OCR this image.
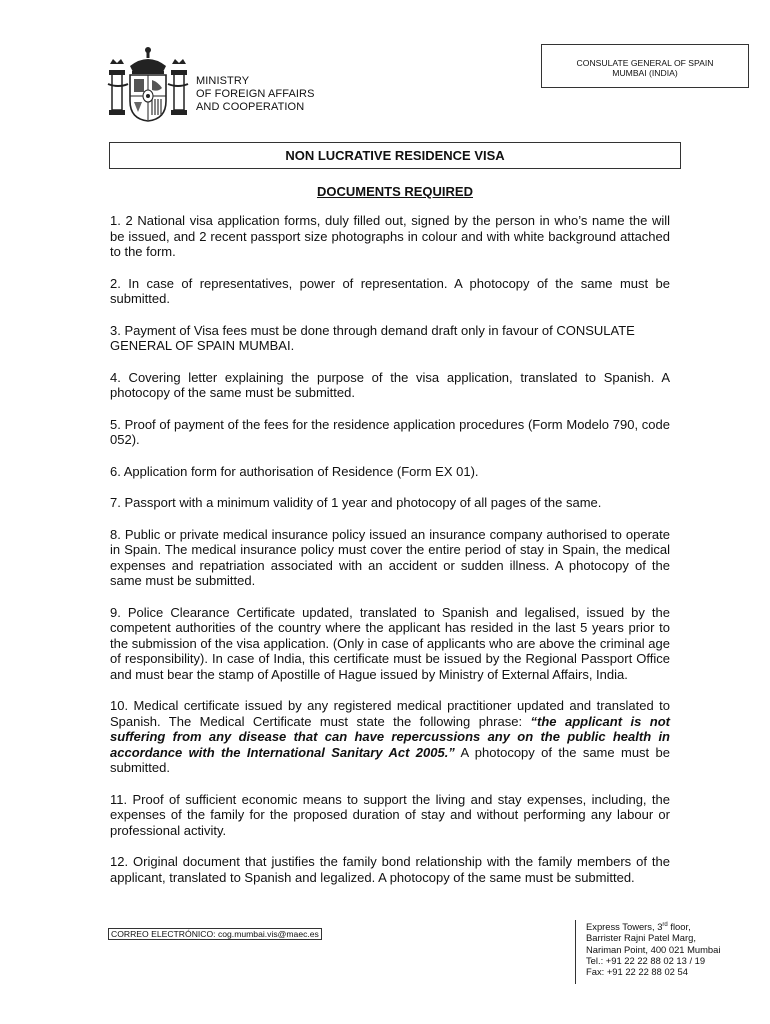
CONSULATE GENERAL OF SPAIN
MUMBAI (INDIA)
MINISTRY
OF FOREIGN AFFAIRS
AND COOPERATION
NON LUCRATIVE RESIDENCE VISA
DOCUMENTS REQUIRED

1. 2 National visa application forms, duly filled out, signed by the person in who’s name the will be issued, and 2 recent passport size photographs in colour and with white background attached to the form.

2. In case of representatives, power of representation. A photocopy of the same must be submitted.

3. Payment of Visa fees must be done through demand draft only in favour of CONSULATE GENERAL OF SPAIN MUMBAI.

4. Covering letter explaining the purpose of the visa application, translated to Spanish. A photocopy of the same must be submitted.

5. Proof of payment of the fees for the residence application procedures (Form Modelo 790, code 052).

6. Application form for authorisation of Residence (Form EX 01).

7. Passport with a minimum validity of 1 year and photocopy of all pages of the same.

8. Public or private medical insurance policy issued an insurance company authorised to operate in Spain. The medical insurance policy must cover the entire period of stay in Spain, the medical expenses and repatriation associated with an accident or sudden illness. A photocopy of the same must be submitted.

9. Police Clearance Certificate updated, translated to Spanish and legalised, issued by the competent authorities of the country where the applicant has resided in the last 5 years prior to the submission of the visa application. (Only in case of applicants who are above the criminal age of responsibility). In case of India, this certificate must be issued by the Regional Passport Office and must bear the stamp of Apostille of Hague issued by Ministry of External Affairs, India.

10. Medical certificate issued by any registered medical practitioner updated and translated to Spanish. The Medical Certificate must state the following phrase: “the applicant is not suffering from any disease that can have repercussions any on the public health in accordance with the International Sanitary Act 2005.” A photocopy of the same must be submitted.

11. Proof of sufficient economic means to support the living and stay expenses, including, the expenses of the family for the proposed duration of stay and without performing any labour or professional activity.

12. Original document that justifies the family bond relationship with the family members of the applicant, translated to Spanish and legalized. A photocopy of the same must be submitted.

CORREO ELECTRÓNICO: cog.mumbai.vis@maec.es
Express Towers, 3rd floor,
Barrister Rajni Patel Marg,
Nariman Point, 400 021 Mumbai
Tel.: +91 22 22 88 02 13 / 19
Fax: +91 22 22 88 02 54
